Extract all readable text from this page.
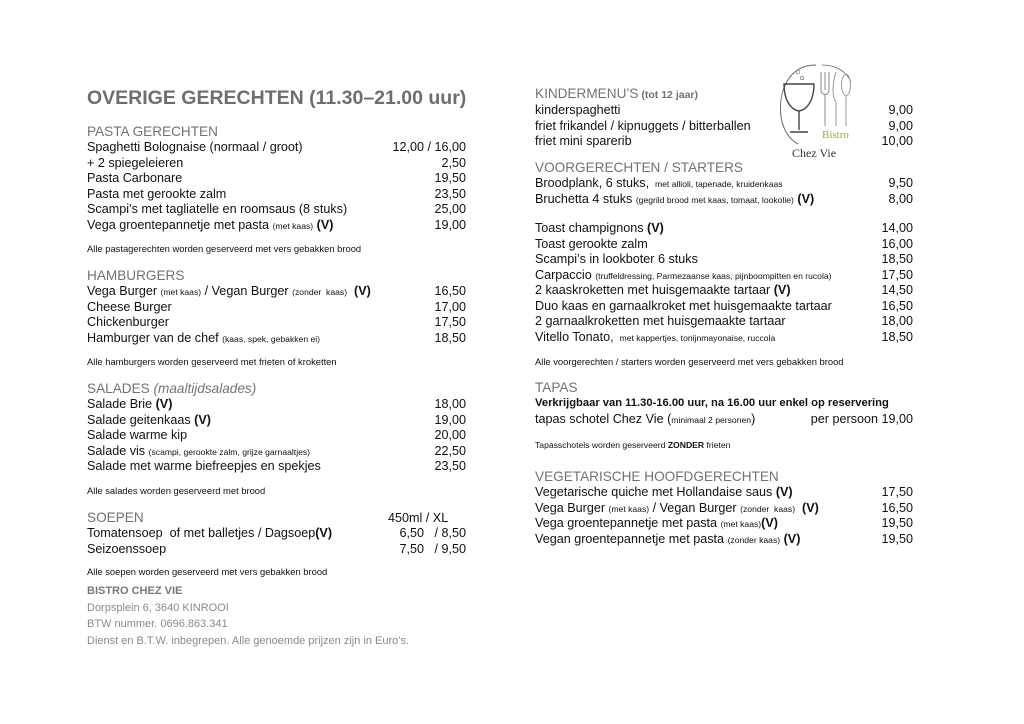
OVERIGE GERECHTEN (11.30–21.00 uur)
PASTA GERECHTEN
Spaghetti Bolognaise (normaal / groot)	12,00 / 16,00
+ 2 spiegeleieren	2,50
Pasta Carbonare	19,50
Pasta met gerookte zalm	23,50
Scampi’s met tagliatelle en roomsaus (8 stuks)	25,00
Vega groentepannetje met pasta (met kaas) (V)	19,00
Alle pastagerechten worden geserveerd met vers gebakken brood
HAMBURGERS
Vega Burger (met kaas) / Vegan Burger (zonder  kaas)  (V)	16,50
Cheese Burger	17,00
Chickenburger	17,50
Hamburger van de chef (kaas, spek, gebakken ei)	18,50
Alle hamburgers worden geserveerd met frieten of kroketten
SALADES (maaltijdsalades)
Salade Brie (V)	18,00
Salade geitenkaas (V)	19,00
Salade warme kip	20,00
Salade vis (scampi, gerookte zalm, grijze garnaaltjes)	22,50
Salade met warme biefreepjes en spekjes	23,50
Alle salades worden geserveerd met brood
SOEPEN	450ml / XL
Tomatensoep  of met balletjes / Dagsoep(V)	6,50   / 8,50
Seizoenssoep	7,50   / 9,50
Alle soepen worden geserveerd met vers gebakken brood
BISTRO CHEZ VIE
Dorpsplein 6, 3640 KINROOI
BTW nummer. 0696.863.341
Dienst en B.T.W. inbegrepen. Alle genoemde prijzen zijn in Euro’s.
KINDERMENU’S (tot 12 jaar)
kinderspaghetti	9,00
friet frikandel / kipnuggets / bitterballen	9,00
friet mini sparerib	10,00
VOORGERECHTEN / STARTERS
Broodplank, 6 stuks,  met allioli, tapenade, kruidenkaas	9,50
Bruchetta 4 stuks (gegrild brood met kaas, tomaat, lookolie) (V)	8,00
Toast champignons (V)	14,00
Toast gerookte zalm	16,00
Scampi’s in lookboter 6 stuks	18,50
Carpaccio (truffeldressing, Parmezaanse kaas, pijnboompitten en rucola)	17,50
2 kaaskroketten met huisgemaakte tartaar (V)	14,50
Duo kaas en garnaalkroket met huisgemaakte tartaar	16,50
2 garnaalkroketten met huisgemaakte tartaar	18,00
Vitello Tonato,  met kappertjes, tonijnmayonaise, ruccola	18,50
Alle voorgerechten / starters worden geserveerd met vers gebakken brood
TAPAS
Verkrijgbaar van 11.30-16.00 uur, na 16.00 uur enkel op reservering
tapas schotel Chez Vie (minimaal 2 personen)	per persoon 19,00
Tapasschotels worden geserveerd ZONDER frieten
VEGETARISCHE HOOFDGERECHTEN
Vegetarische quiche met Hollandaise saus (V)	17,50
Vega Burger (met kaas) / Vegan Burger (zonder  kaas)  (V)	16,50
Vega groentepannetje met pasta (met kaas)(V)	19,50
Vegan groentepannetje met pasta (zonder kaas) (V)	19,50
Bistro
Chez Vie
